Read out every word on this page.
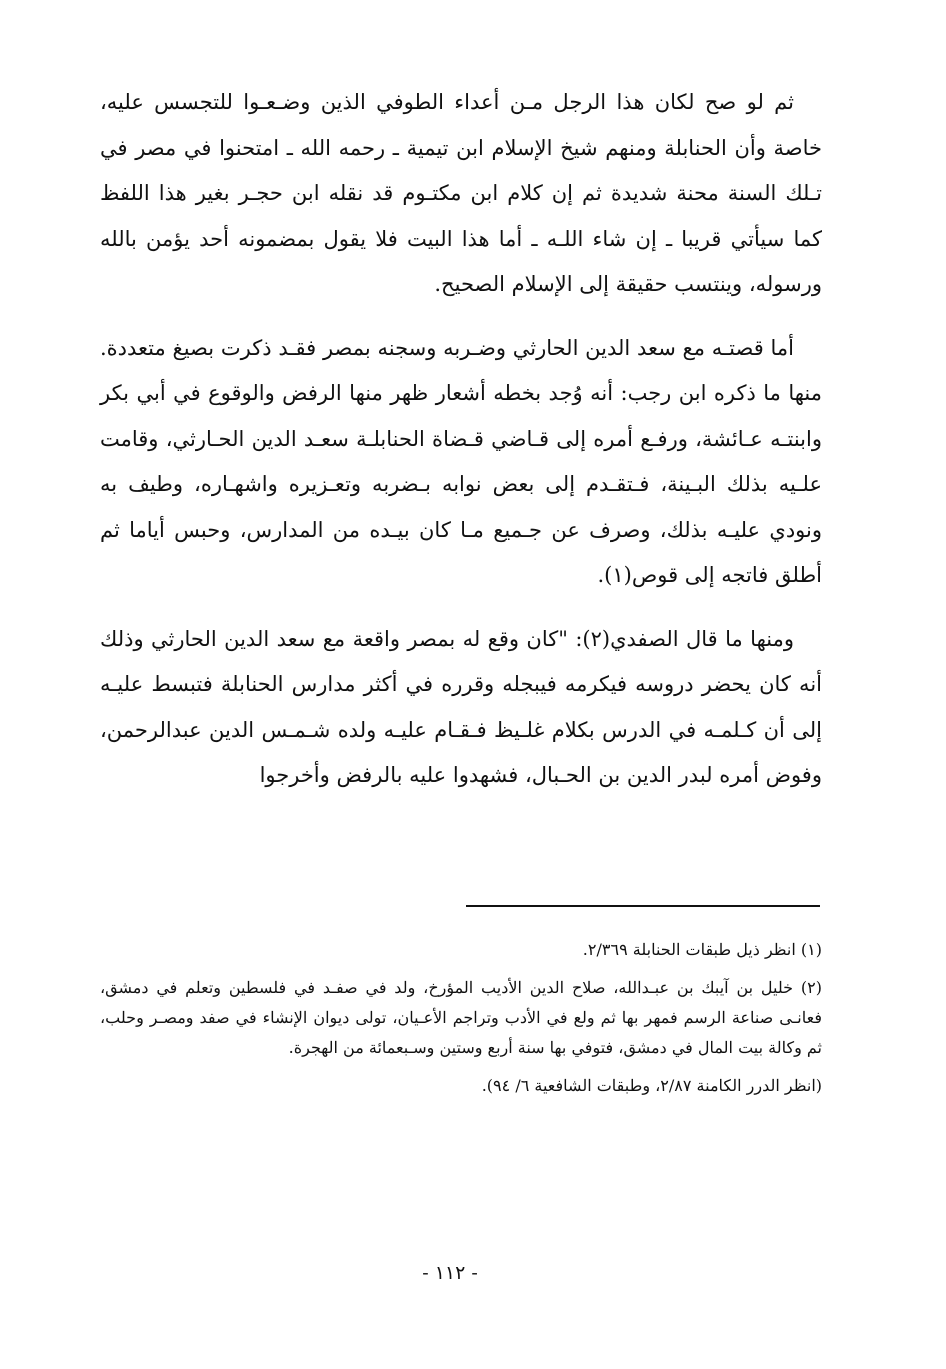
ثم لو صح لكان هذا الرجل مـن أعداء الطوفي الذين وضـعـوا للتجسس عليه، خاصة وأن الحنابلة ومنهم شيخ الإسلام ابن تيمية ـ رحمه الله ـ امتحنوا في مصر في تـلك السنة محنة شديدة ثم إن كلام ابن مكتـوم قد نقله ابن حجـر بغير هذا اللفظ كما سيأتي قريبا ـ إن شاء اللـه ـ أما هذا البيت فلا يقول بمضمونه أحد يؤمن بالله ورسوله، وينتسب حقيقة إلى الإسلام الصحيح.

أما قصتـه مع سعد الدين الحارثي وضـربه وسجنه بمصر فقـد ذكرت بصيغ متعددة. منها ما ذكره ابن رجب: أنه وُجد بخطه أشعار ظهر منها الرفض والوقوع في أبي بكر وابنتـه عـائشة، ورفـع أمره إلى قـاضي قـضاة الحنابلـة سعـد الدين الحـارثي، وقامت علـيه بذلك البـينة، فـتقـدم إلى بعض نوابه بـضربه وتعـزيره واشهـاره، وطيف به ونودي عليـه بذلك، وصرف عن جـميع مـا كان بيـده من المدارس، وحبس أياما ثم أطلق فاتجه إلى قوص(١).

ومنها ما قال الصفدي(٢): "كان وقع له بمصر واقعة مع سعد الدين الحارثي وذلك أنه كان يحضر دروسه فيكرمه فيبجله وقرره في أكثر مدارس الحنابلة فتبسط عليـه إلى أن كـلمـه في الدرس بكلام غلـيظ فـقـام عليـه ولده شـمـس الدين عبدالرحمن، وفوض أمره لبدر الدين بن الحـبال، فشهدوا عليه بالرفض وأخرجوا

(١) انظر ذيل طبقات الحنابلة ٢/٣٦٩.

(٢) خليل بن آيبك بن عبـدالله، صلاح الدين الأديب المؤرخ، ولد في صفـد في فلسطين وتعلم في دمشق، فعانـى صناعة الرسم فمهر بها ثم ولع في الأدب وتراجم الأعـيان، تولى ديوان الإنشاء في صفد ومصـر وحلب، ثم وكالة بيت المال في دمشق، فتوفي بها سنة أربع وستين وسـبعمائة من الهجرة.

(انظر الدرر الكامنة ٢/٨٧، وطبقات الشافعية ٦/ ٩٤).

- ١١٢ -
